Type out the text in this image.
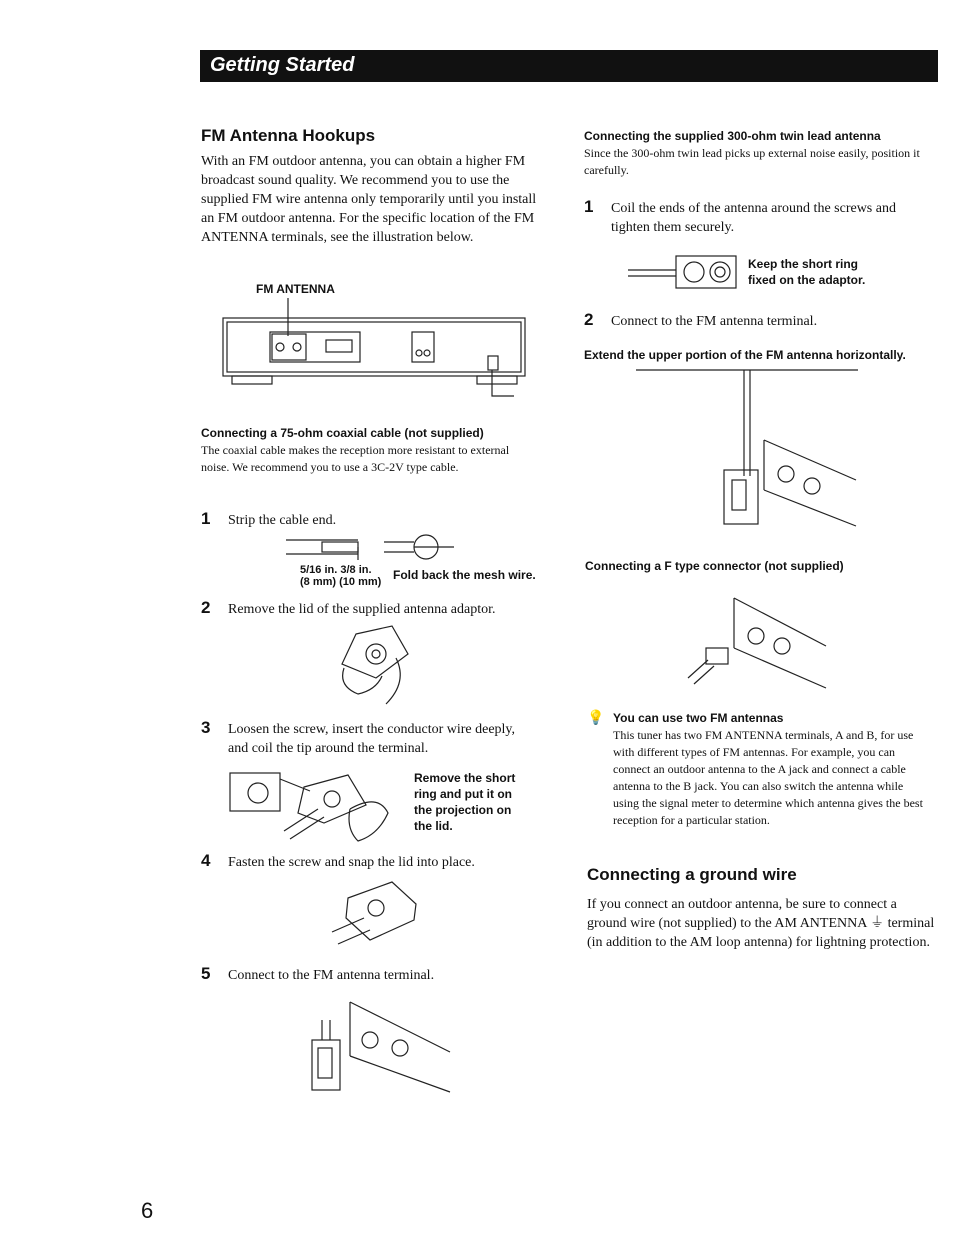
Getting Started
FM Antenna Hookups
With an FM outdoor antenna, you can obtain a higher FM broadcast sound quality. We recommend you to use the supplied FM wire antenna only temporarily until you install an FM outdoor antenna. For the specific location of the FM ANTENNA terminals, see the illustration below.
FM ANTENNA
Connecting a 75-ohm coaxial cable (not supplied)
The coaxial cable makes the reception more resistant to external noise. We recommend you to use a 3C-2V type cable.
1 Strip the cable end.
5/16 in. 3/8 in.
(8 mm) (10 mm) Fold back the mesh wire.
2 Remove the lid of the supplied antenna adaptor.
3 Loosen the screw, insert the conductor wire deeply, and coil the tip around the terminal.
Remove the short ring and put it on the projection on the lid.
4 Fasten the screw and snap the lid into place.
5 Connect to the FM antenna terminal.
Connecting the supplied 300-ohm twin lead antenna
Since the 300-ohm twin lead picks up external noise easily, position it carefully.
1 Coil the ends of the antenna around the screws and tighten them securely.
Keep the short ring fixed on the adaptor.
2 Connect to the FM antenna terminal.
Extend the upper portion of the FM antenna horizontally.
Connecting a F type connector (not supplied)
💡 You can use two FM antennas
This tuner has two FM ANTENNA terminals, A and B, for use with different types of FM antennas. For example, you can connect an outdoor antenna to the A jack and connect a cable antenna to the B jack. You can also switch the antenna while using the signal meter to determine which antenna gives the best reception for a particular station.
Connecting a ground wire
If you connect an outdoor antenna, be sure to connect a ground wire (not supplied) to the AM ANTENNA ⏚ terminal (in addition to the AM loop antenna) for lightning protection.
6
